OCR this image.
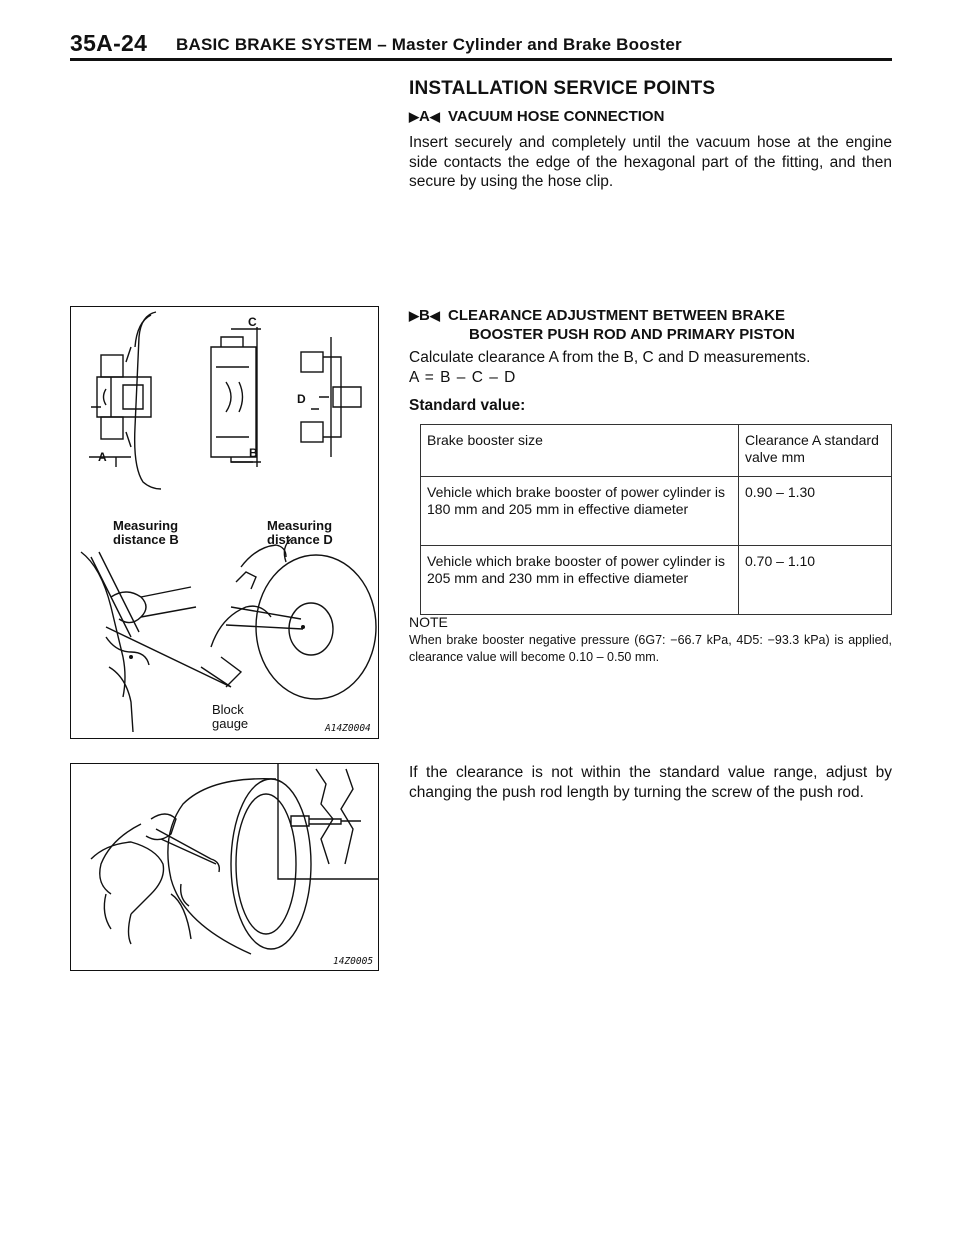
35A-24 BASIC BRAKE SYSTEM – Master Cylinder and Brake Booster
INSTALLATION SERVICE POINTS
▶A◀ VACUUM HOSE CONNECTION
Insert securely and completely until the vacuum hose at the engine side contacts the edge of the hexagonal part of the fitting, and then secure by using the hose clip.
▶B◀ CLEARANCE ADJUSTMENT BETWEEN BRAKE
BOOSTER PUSH ROD AND PRIMARY PISTON
Calculate clearance A from the B, C and D measurements.
A = B – C – D
Standard value:
Brake booster size	Clearance A standard valve mm
Vehicle which brake booster of power cylinder is 180 mm and 205 mm in effective diameter	0.90 – 1.30
Vehicle which brake booster of power cylinder is 205 mm and 230 mm in effective diameter	0.70 – 1.10
NOTE
When brake booster negative pressure (6G7: −66.7 kPa, 4D5: −93.3 kPa) is applied, clearance value will become 0.10 – 0.50 mm.
If the clearance is not within the standard value range, adjust by changing the push rod length by turning the screw of the push rod.
A	B
C
D
Measuring distance B
Measuring distance D
Block gauge	A14Z0004
14Z0005
